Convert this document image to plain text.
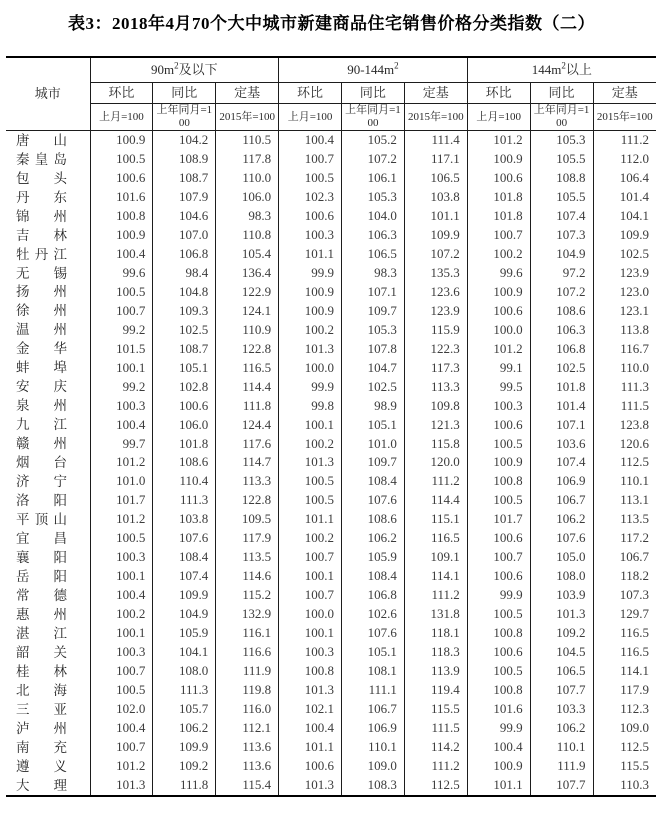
表3：2018年4月70个大中城市新建商品住宅销售价格分类指数（二）
城市	$90m^2$及以下			$90-144m^2$			$144m^2$以上		
	环比	同比	定基	环比	同比	定基	环比	同比	定基
	上月=100	上年同月=100	2015年=100	上月=100	上年同月=100	2015年=100	上月=100	上年同月=100	2015年=100
唐山	100.9	104.2	110.5	100.4	105.2	111.4	101.2	105.3	111.2
秦皇岛	100.5	108.9	117.8	100.7	107.2	117.1	100.9	105.5	112.0
包头	100.6	108.7	110.0	100.5	106.1	106.5	100.6	108.8	106.4
丹东	101.6	107.9	106.0	102.3	105.3	103.8	101.8	105.5	101.4
锦州	100.8	104.6	98.3	100.6	104.0	101.1	101.8	107.4	104.1
吉林	100.9	107.0	110.8	100.3	106.3	109.9	100.7	107.3	109.9
牡丹江	100.4	106.8	105.4	101.1	106.5	107.2	100.2	104.9	102.5
无锡	99.6	98.4	136.4	99.9	98.3	135.3	99.6	97.2	123.9
扬州	100.5	104.8	122.9	100.9	107.1	123.6	100.9	107.2	123.0
徐州	100.7	109.3	124.1	100.9	109.7	123.9	100.6	108.6	123.1
温州	99.2	102.5	110.9	100.2	105.3	115.9	100.0	106.3	113.8
金华	101.5	108.7	122.8	101.3	107.8	122.3	101.2	106.8	116.7
蚌埠	100.1	105.1	116.5	100.0	104.7	117.3	99.1	102.5	110.0
安庆	99.2	102.8	114.4	99.9	102.5	113.3	99.5	101.8	111.3
泉州	100.3	100.6	111.8	99.8	98.9	109.8	100.3	101.4	111.5
九江	100.4	106.0	124.4	100.1	105.1	121.3	100.6	107.1	123.8
赣州	99.7	101.8	117.6	100.2	101.0	115.8	100.5	103.6	120.6
烟台	101.2	108.6	114.7	101.3	109.7	120.0	100.9	107.4	112.5
济宁	101.0	110.4	113.3	100.5	108.4	111.2	100.8	106.9	110.1
洛阳	101.7	111.3	122.8	100.5	107.6	114.4	100.5	106.7	113.1
平顶山	101.2	103.8	109.5	101.1	108.6	115.1	101.7	106.2	113.5
宜昌	100.5	107.6	117.9	100.2	106.2	116.5	100.6	107.6	117.2
襄阳	100.3	108.4	113.5	100.7	105.9	109.1	100.7	105.0	106.7
岳阳	100.1	107.4	114.6	100.1	108.4	114.1	100.6	108.0	118.2
常德	100.4	109.9	115.2	100.7	106.8	111.2	99.9	103.9	107.3
惠州	100.2	104.9	132.9	100.0	102.6	131.8	100.5	101.3	129.7
湛江	100.1	105.9	116.1	100.1	107.6	118.1	100.8	109.2	116.5
韶关	100.3	104.1	116.6	100.3	105.1	118.3	100.6	104.5	116.5
桂林	100.7	108.0	111.9	100.8	108.1	113.9	100.5	106.5	114.1
北海	100.5	111.3	119.8	101.3	111.1	119.4	100.8	107.7	117.9
三亚	102.0	105.7	116.0	102.1	106.7	115.5	101.6	103.3	112.3
泸州	100.4	106.2	112.1	100.4	106.9	111.5	99.9	106.2	109.0
南充	100.7	109.9	113.6	101.1	110.1	114.2	100.4	110.1	112.5
遵义	101.2	109.2	113.6	100.6	109.0	111.2	100.9	111.9	115.5
大理	101.3	111.8	115.4	101.3	108.3	112.5	101.1	107.7	110.3
